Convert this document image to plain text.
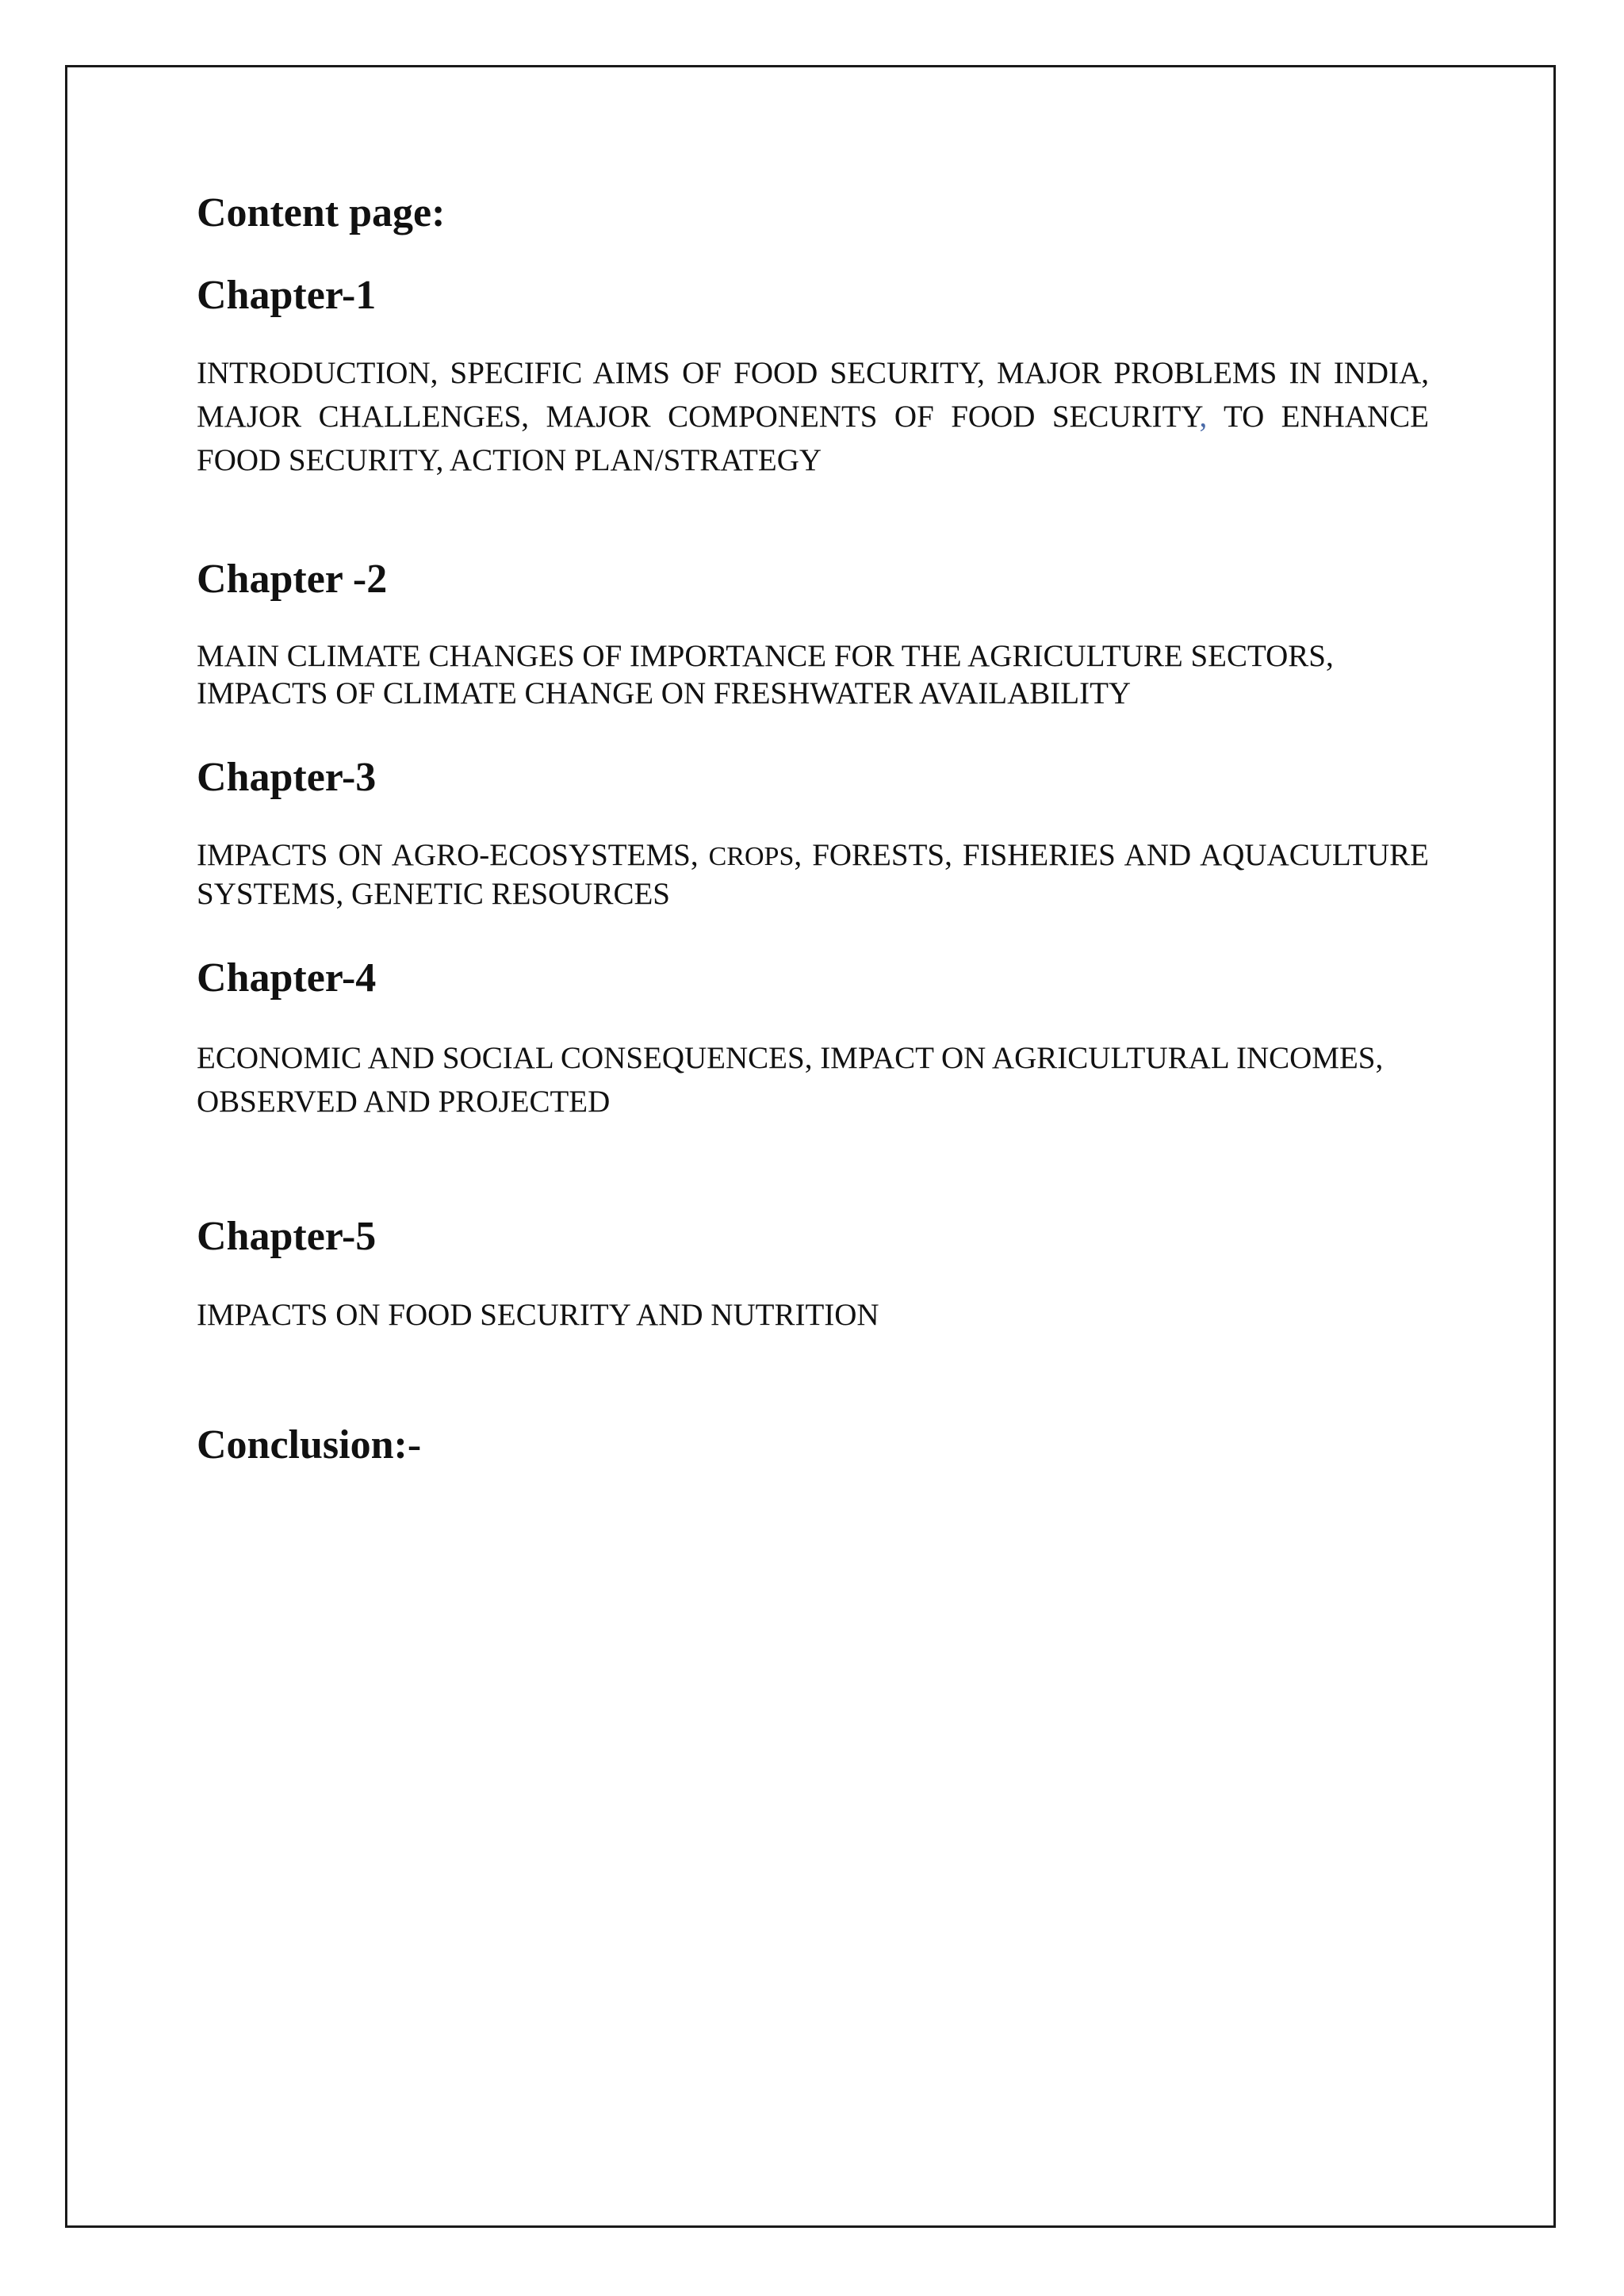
Content page:
Chapter-1

INTRODUCTION, SPECIFIC AIMS OF FOOD SECURITY, MAJOR PROBLEMS IN INDIA, MAJOR CHALLENGES, MAJOR COMPONENTS OF FOOD SECURITY, TO ENHANCE FOOD SECURITY, ACTION PLAN/STRATEGY

Chapter -2

MAIN CLIMATE CHANGES OF IMPORTANCE FOR THE AGRICULTURE SECTORS, IMPACTS OF CLIMATE CHANGE ON FRESHWATER AVAILABILITY

Chapter-3

IMPACTS ON AGRO-ECOSYSTEMS, CROPS, FORESTS, FISHERIES AND AQUACULTURE SYSTEMS, GENETIC RESOURCES

Chapter-4

ECONOMIC AND SOCIAL CONSEQUENCES, IMPACT ON AGRICULTURAL INCOMES, OBSERVED AND PROJECTED

Chapter-5

IMPACTS ON FOOD SECURITY AND NUTRITION

Conclusion:-
